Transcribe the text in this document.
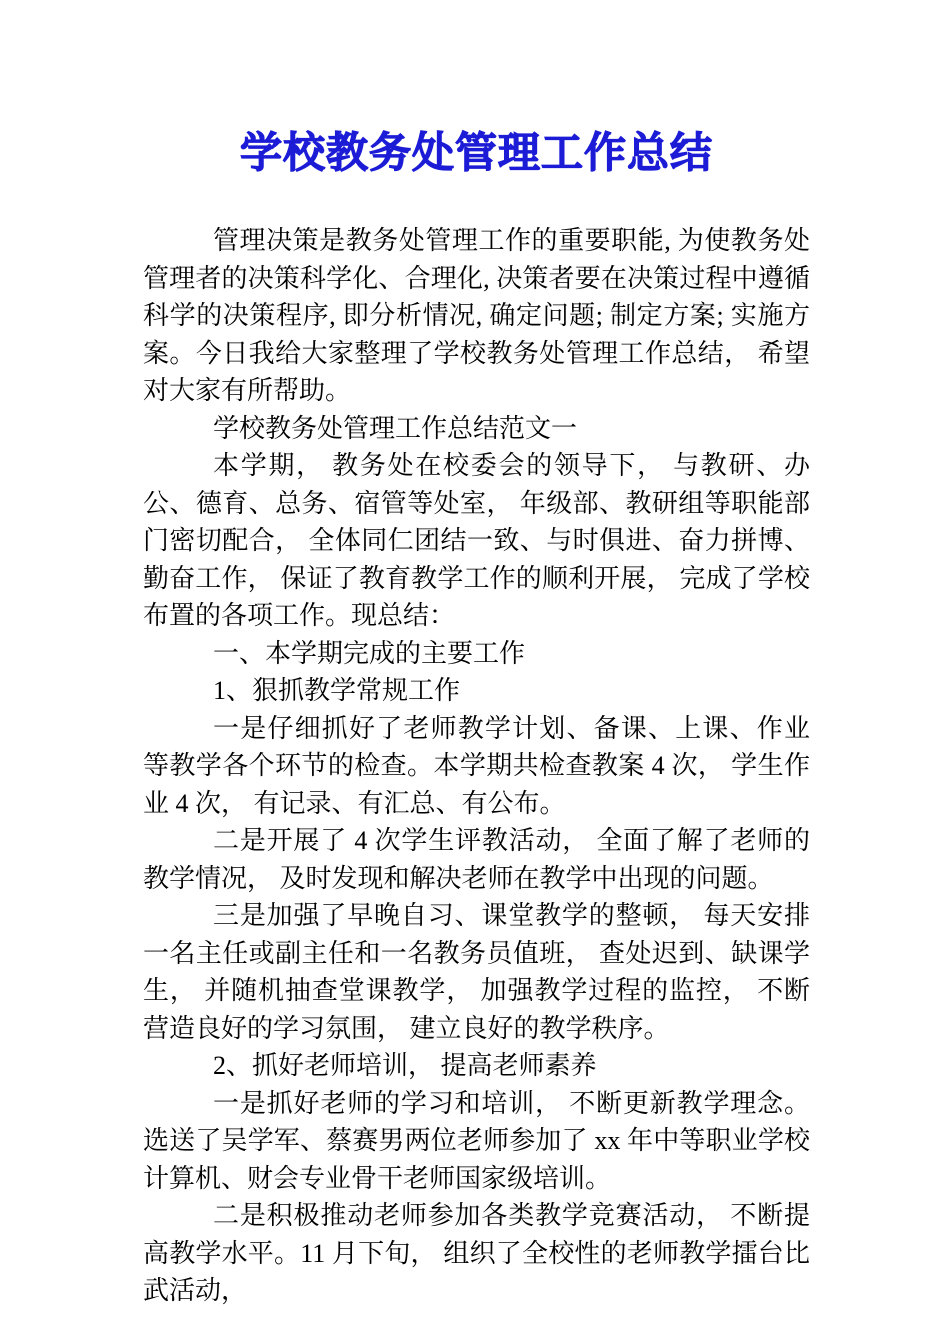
学校教务处管理工作总结

管理决策是教务处管理工作的重要职能, 为使教务处管理者的决策科学化、合理化, 决策者要在决策过程中遵循科学的决策程序, 即分析情况, 确定问题; 制定方案; 实施方案。今日我给大家整理了学校教务处管理工作总结， 希望对大家有所帮助。

学校教务处管理工作总结范文一

本学期， 教务处在校委会的领导下， 与教研、办公、德育、总务、宿管等处室， 年级部、教研组等职能部门密切配合， 全体同仁团结一致、与时俱进、奋力拼博、勤奋工作， 保证了教育教学工作的顺利开展， 完成了学校布置的各项工作。现总结：

一、本学期完成的主要工作

1、狠抓教学常规工作

一是仔细抓好了老师教学计划、备课、上课、作业等教学各个环节的检查。本学期共检查教案 4 次， 学生作业 4 次， 有记录、有汇总、有公布。

二是开展了 4 次学生评教活动， 全面了解了老师的教学情况， 及时发现和解决老师在教学中出现的问题。

三是加强了早晚自习、课堂教学的整顿， 每天安排一名主任或副主任和一名教务员值班， 查处迟到、缺课学生， 并随机抽查堂课教学， 加强教学过程的监控， 不断营造良好的学习氛围， 建立良好的教学秩序。

2、抓好老师培训， 提高老师素养

一是抓好老师的学习和培训， 不断更新教学理念。选送了吴学军、蔡赛男两位老师参加了 xx 年中等职业学校计算机、财会专业骨干老师国家级培训。

二是积极推动老师参加各类教学竞赛活动， 不断提高教学水平。11 月下旬， 组织了全校性的老师教学擂台比武活动，
